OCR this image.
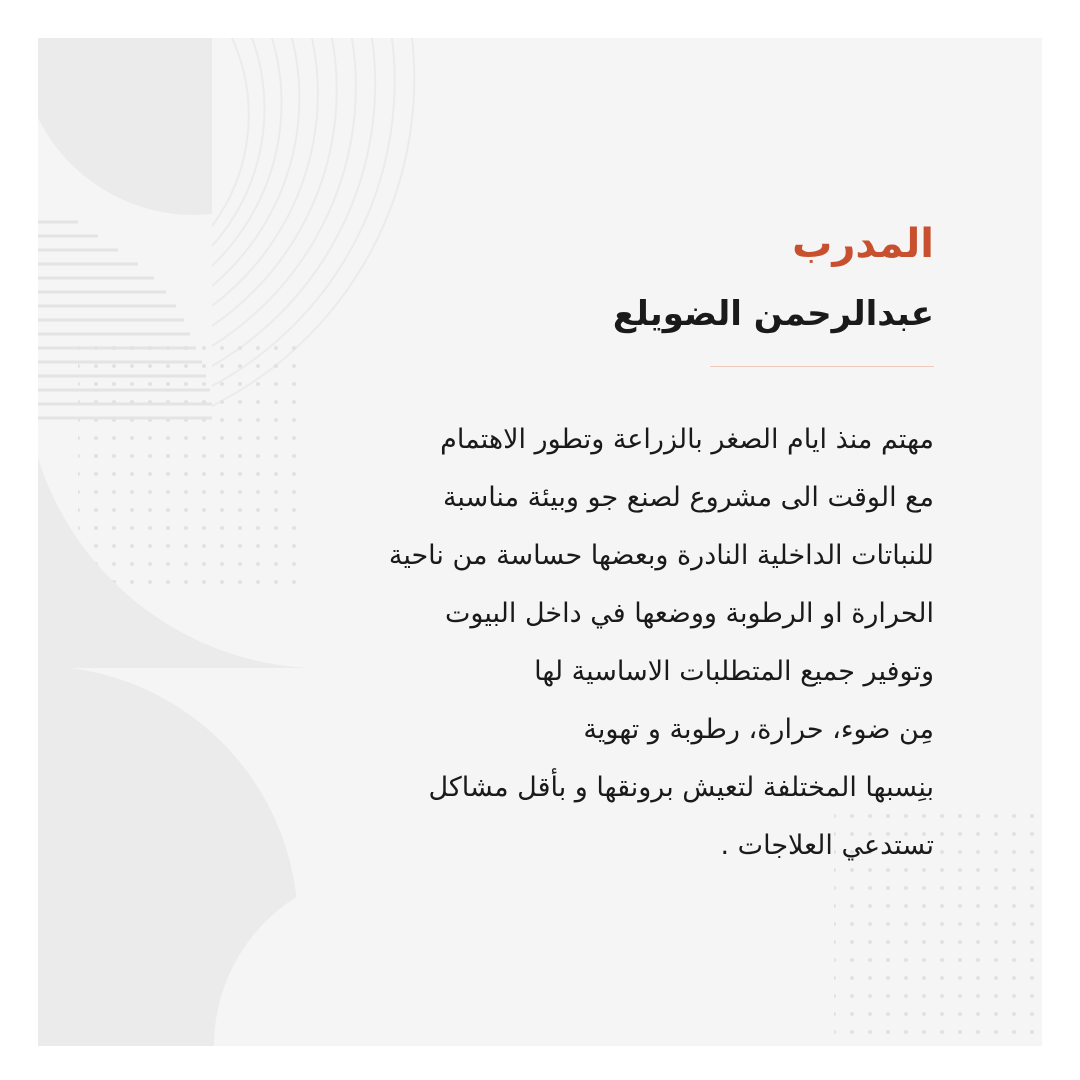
المدرب
عبدالرحمن الضويلع
مهتم منذ ايام الصغر بالزراعة وتطور الاهتمام
مع الوقت الى مشروع لصنع جو وبيئة مناسبة
للنباتات الداخلية النادرة وبعضها حساسة من ناحية
الحرارة او الرطوبة ووضعها في داخل البيوت
وتوفير جميع المتطلبات الاساسية لها
مِن ضوء، حرارة، رطوبة و تهوية
بنِسبها المختلفة لتعيش برونقها و بأقل مشاكل
تستدعي العلاجات .
